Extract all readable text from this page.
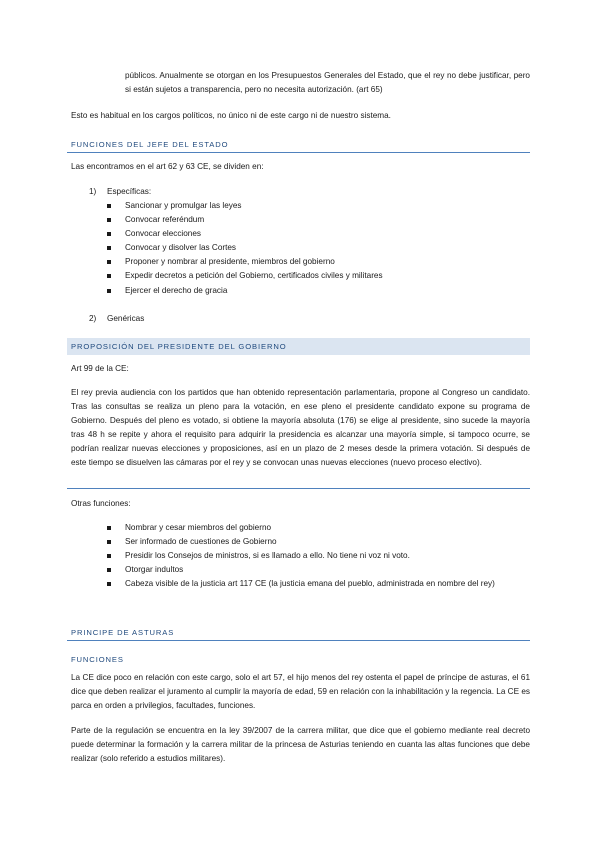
públicos. Anualmente se otorgan en los Presupuestos Generales del Estado, que el rey no debe justificar, pero si están sujetos a transparencia, pero no necesita autorización. (art 65)

Esto es habitual en los cargos políticos, no único ni de este cargo ni de nuestro sistema.

FUNCIONES DEL JEFE DEL ESTADO

Las encontramos en el art 62 y 63 CE, se dividen en:

1) Específicas:
Sancionar y promulgar las leyes
Convocar referéndum
Convocar elecciones
Convocar y disolver las Cortes
Proponer y nombrar al presidente, miembros del gobierno
Expedir decretos a petición del Gobierno, certificados civiles y militares
Ejercer el derecho de gracia
2) Genéricas
PROPOSICIÓN DEL PRESIDENTE DEL GOBIERNO

Art 99 de la CE:

El rey previa audiencia con los partidos que han obtenido representación parlamentaria, propone al Congreso un candidato. Tras las consultas se realiza un pleno para la votación, en ese pleno el presidente candidato expone su programa de Gobierno. Después del pleno es votado, si obtiene la mayoría absoluta (176) se elige al presidente, sino sucede la mayoría tras 48 h se repite y ahora el requisito para adquirir la presidencia es alcanzar una mayoría simple, si tampoco ocurre, se podrían realizar nuevas elecciones y proposiciones, así en un plazo de 2 meses desde la primera votación. Si después de este tiempo se disuelven las cámaras por el rey y se convocan unas nuevas elecciones (nuevo proceso electivo).

Otras funciones:

Nombrar y cesar miembros del gobierno
Ser informado de cuestiones de Gobierno
Presidir los Consejos de ministros, si es llamado a ello. No tiene ni voz ni voto.
Otorgar indultos
Cabeza visible de la justicia art 117 CE (la justicia emana del pueblo, administrada en nombre del rey)
PRINCIPE DE ASTURAS
FUNCIONES

La CE dice poco en relación con este cargo, solo el art 57, el hijo menos del rey ostenta el papel de príncipe de asturas, el 61 dice que deben realizar el juramento al cumplir la mayoría de edad, 59 en relación con la inhabilitación y la regencia. La CE es parca en orden a privilegios, facultades, funciones.

Parte de la regulación se encuentra en la ley 39/2007 de la carrera militar, que dice que el gobierno mediante real decreto puede determinar la formación y la carrera militar de la princesa de Asturias teniendo en cuanta las altas funciones que debe realizar (solo referido a estudios militares).
